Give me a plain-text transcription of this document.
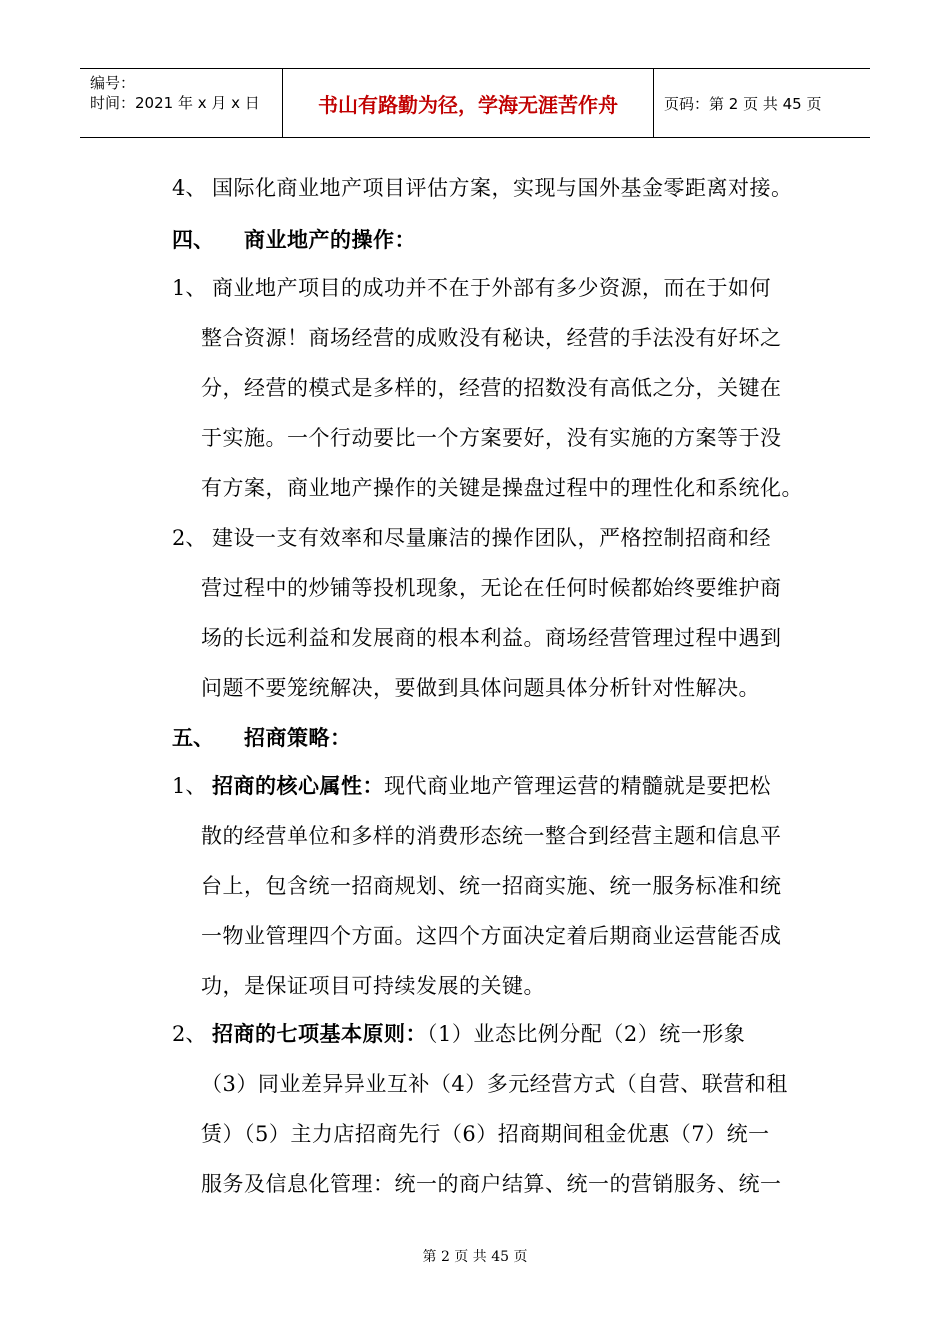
编号：
时间：2021 年 x 月 x 日	书山有路勤为径，学海无涯苦作舟	页码：第 2 页 共 45 页
4、 国际化商业地产项目评估方案，实现与国外基金零距离对接。
四、 商业地产的操作：
1、 商业地产项目的成功并不在于外部有多少资源，而在于如何
整合资源！商场经营的成败没有秘诀，经营的手法没有好坏之
分，经营的模式是多样的，经营的招数没有高低之分，关键在
于实施。一个行动要比一个方案要好，没有实施的方案等于没
有方案，商业地产操作的关键是操盘过程中的理性化和系统化。
2、 建设一支有效率和尽量廉洁的操作团队，严格控制招商和经
营过程中的炒铺等投机现象，无论在任何时候都始终要维护商
场的长远利益和发展商的根本利益。商场经营管理过程中遇到
问题不要笼统解决，要做到具体问题具体分析针对性解决。
五、 招商策略：
1、 招商的核心属性：现代商业地产管理运营的精髓就是要把松
散的经营单位和多样的消费形态统一整合到经营主题和信息平
台上，包含统一招商规划、统一招商实施、统一服务标准和统
一物业管理四个方面。这四个方面决定着后期商业运营能否成
功，是保证项目可持续发展的关键。
2、 招商的七项基本原则：（1）业态比例分配（2）统一形象
（3）同业差异异业互补（4）多元经营方式（自营、联营和租
赁）（5）主力店招商先行（6）招商期间租金优惠（7）统一
服务及信息化管理：统一的商户结算、统一的营销服务、统一
第 2 页 共 45 页
